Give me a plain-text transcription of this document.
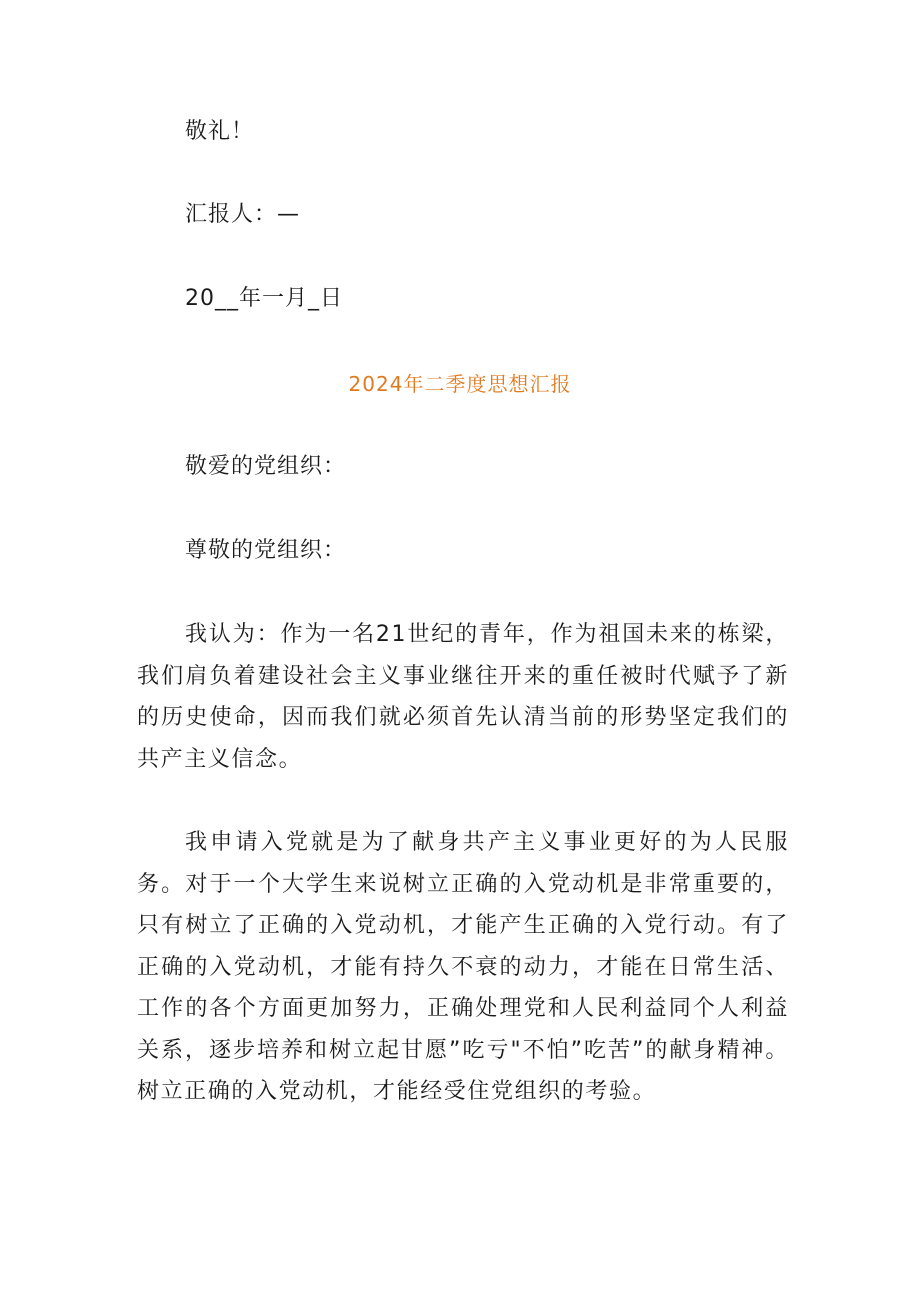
敬礼！
汇报人：—
20__年一月_日
2024年二季度思想汇报
敬爱的党组织：
尊敬的党组织：
我认为：作为一名21世纪的青年，作为祖国未来的栋梁，我们肩负着建设社会主义事业继往开来的重任被时代赋予了新的历史使命，因而我们就必须首先认清当前的形势坚定我们的共产主义信念。
我申请入党就是为了献身共产主义事业更好的为人民服务。对于一个大学生来说树立正确的入党动机是非常重要的，只有树立了正确的入党动机，才能产生正确的入党行动。有了正确的入党动机，才能有持久不衰的动力，才能在日常生活、工作的各个方面更加努力，正确处理党和人民利益同个人利益关系，逐步培养和树立起甘愿”吃亏"不怕”吃苦”的献身精神。树立正确的入党动机，才能经受住党组织的考验。
